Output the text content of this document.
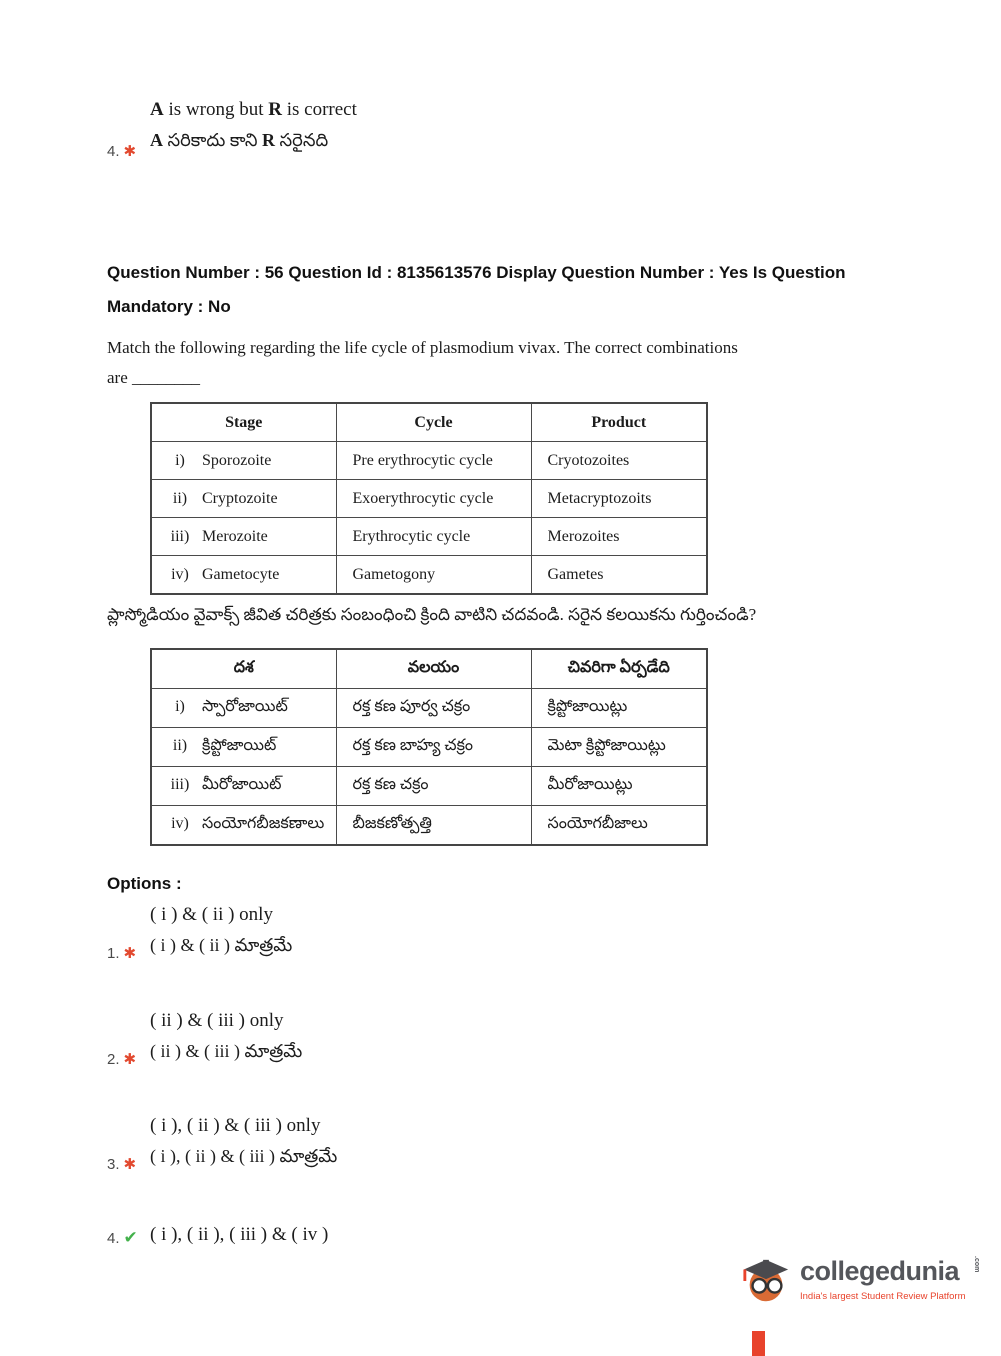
4. ✱
A is wrong but R is correct
A సరికాదు కాని R సరైనది
Question Number : 56 Question Id : 8135613576 Display Question Number : Yes Is Question
Mandatory : No
Match the following regarding the life cycle of plasmodium vivax. The correct combinations
are ________
Stage	Cycle	Product
i) Sporozoite	Pre erythrocytic cycle	Cryotozoites
ii) Cryptozoite	Exoerythrocytic cycle	Metacryptozoits
iii) Merozoite	Erythrocytic cycle	Merozoites
iv) Gametocyte	Gametogony	Gametes
ప్లాస్మోడియం వైవాక్స్ జీవిత చరిత్రకు సంబంధించి క్రింది వాటిని చదవండి. సరైన కలయికను గుర్తించండి?
దశ	వలయం	చివరిగా ఏర్పడేది
i) స్పారోజాయిట్	రక్త కణ పూర్వ చక్రం	క్రిప్టోజాయిట్లు
ii) క్రిప్టోజాయిట్	రక్త కణ బాహ్య చక్రం	మెటా క్రిప్టోజాయిట్లు
iii) మీరోజాయిట్	రక్త కణ చక్రం	మీరోజాయిట్లు
iv) సంయోగబీజకణాలు	బీజకణోత్పత్తి	సంయోగబీజాలు
Options :
1. ✱
( i ) & ( ii ) only
( i ) & ( ii ) మాత్రమే
2. ✱
( ii ) & ( iii ) only
( ii ) & ( iii ) మాత్రమే
3. ✱
( i ), ( ii ) & ( iii ) only
( i ), ( ii ) & ( iii ) మాత్రమే
4. ✔ ( i ), ( ii ), ( iii ) & ( iv )
collegedunia .com
India's largest Student Review Platform
